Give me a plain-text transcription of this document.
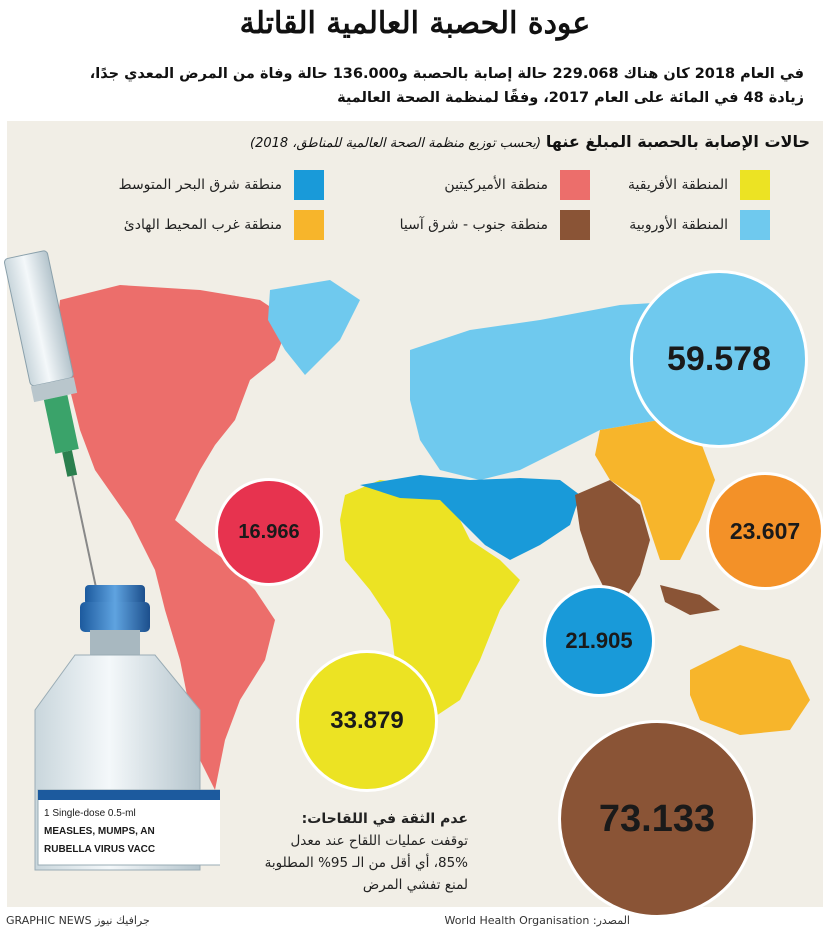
عودة الحصبة العالمية القاتلة
في العام 2018 كان هناك 229.068 حالة إصابة بالحصبة و136.000 حالة وفاة من المرض المعدي جدًا،
زيادة 48 في المائة على العام 2017، وفقًا لمنظمة الصحة العالمية
حالات الإصابة بالحصبة المبلغ عنها (بحسب توزيع منظمة الصحة العالمية للمناطق، 2018)
المنطقة الأفريقية
منطقة الأميركيتين
منطقة شرق البحر المتوسط
المنطقة الأوروبية
منطقة جنوب - شرق آسيا
منطقة غرب المحيط الهادئ
1 Single-dose 0.5-ml
MEASLES, MUMPS, AN
RUBELLA VIRUS VACC
59.578
16.966	23.607
21.905
33.879
73.133
عدم الثقة في اللقاحات:
توقفت عمليات اللقاح عند معدل
85%، أي أقل من الـ 95% المطلوبة
لمنع تفشي المرض
GRAPHIC NEWS جرافيك نيوز	المصدر: World Health Organisation
